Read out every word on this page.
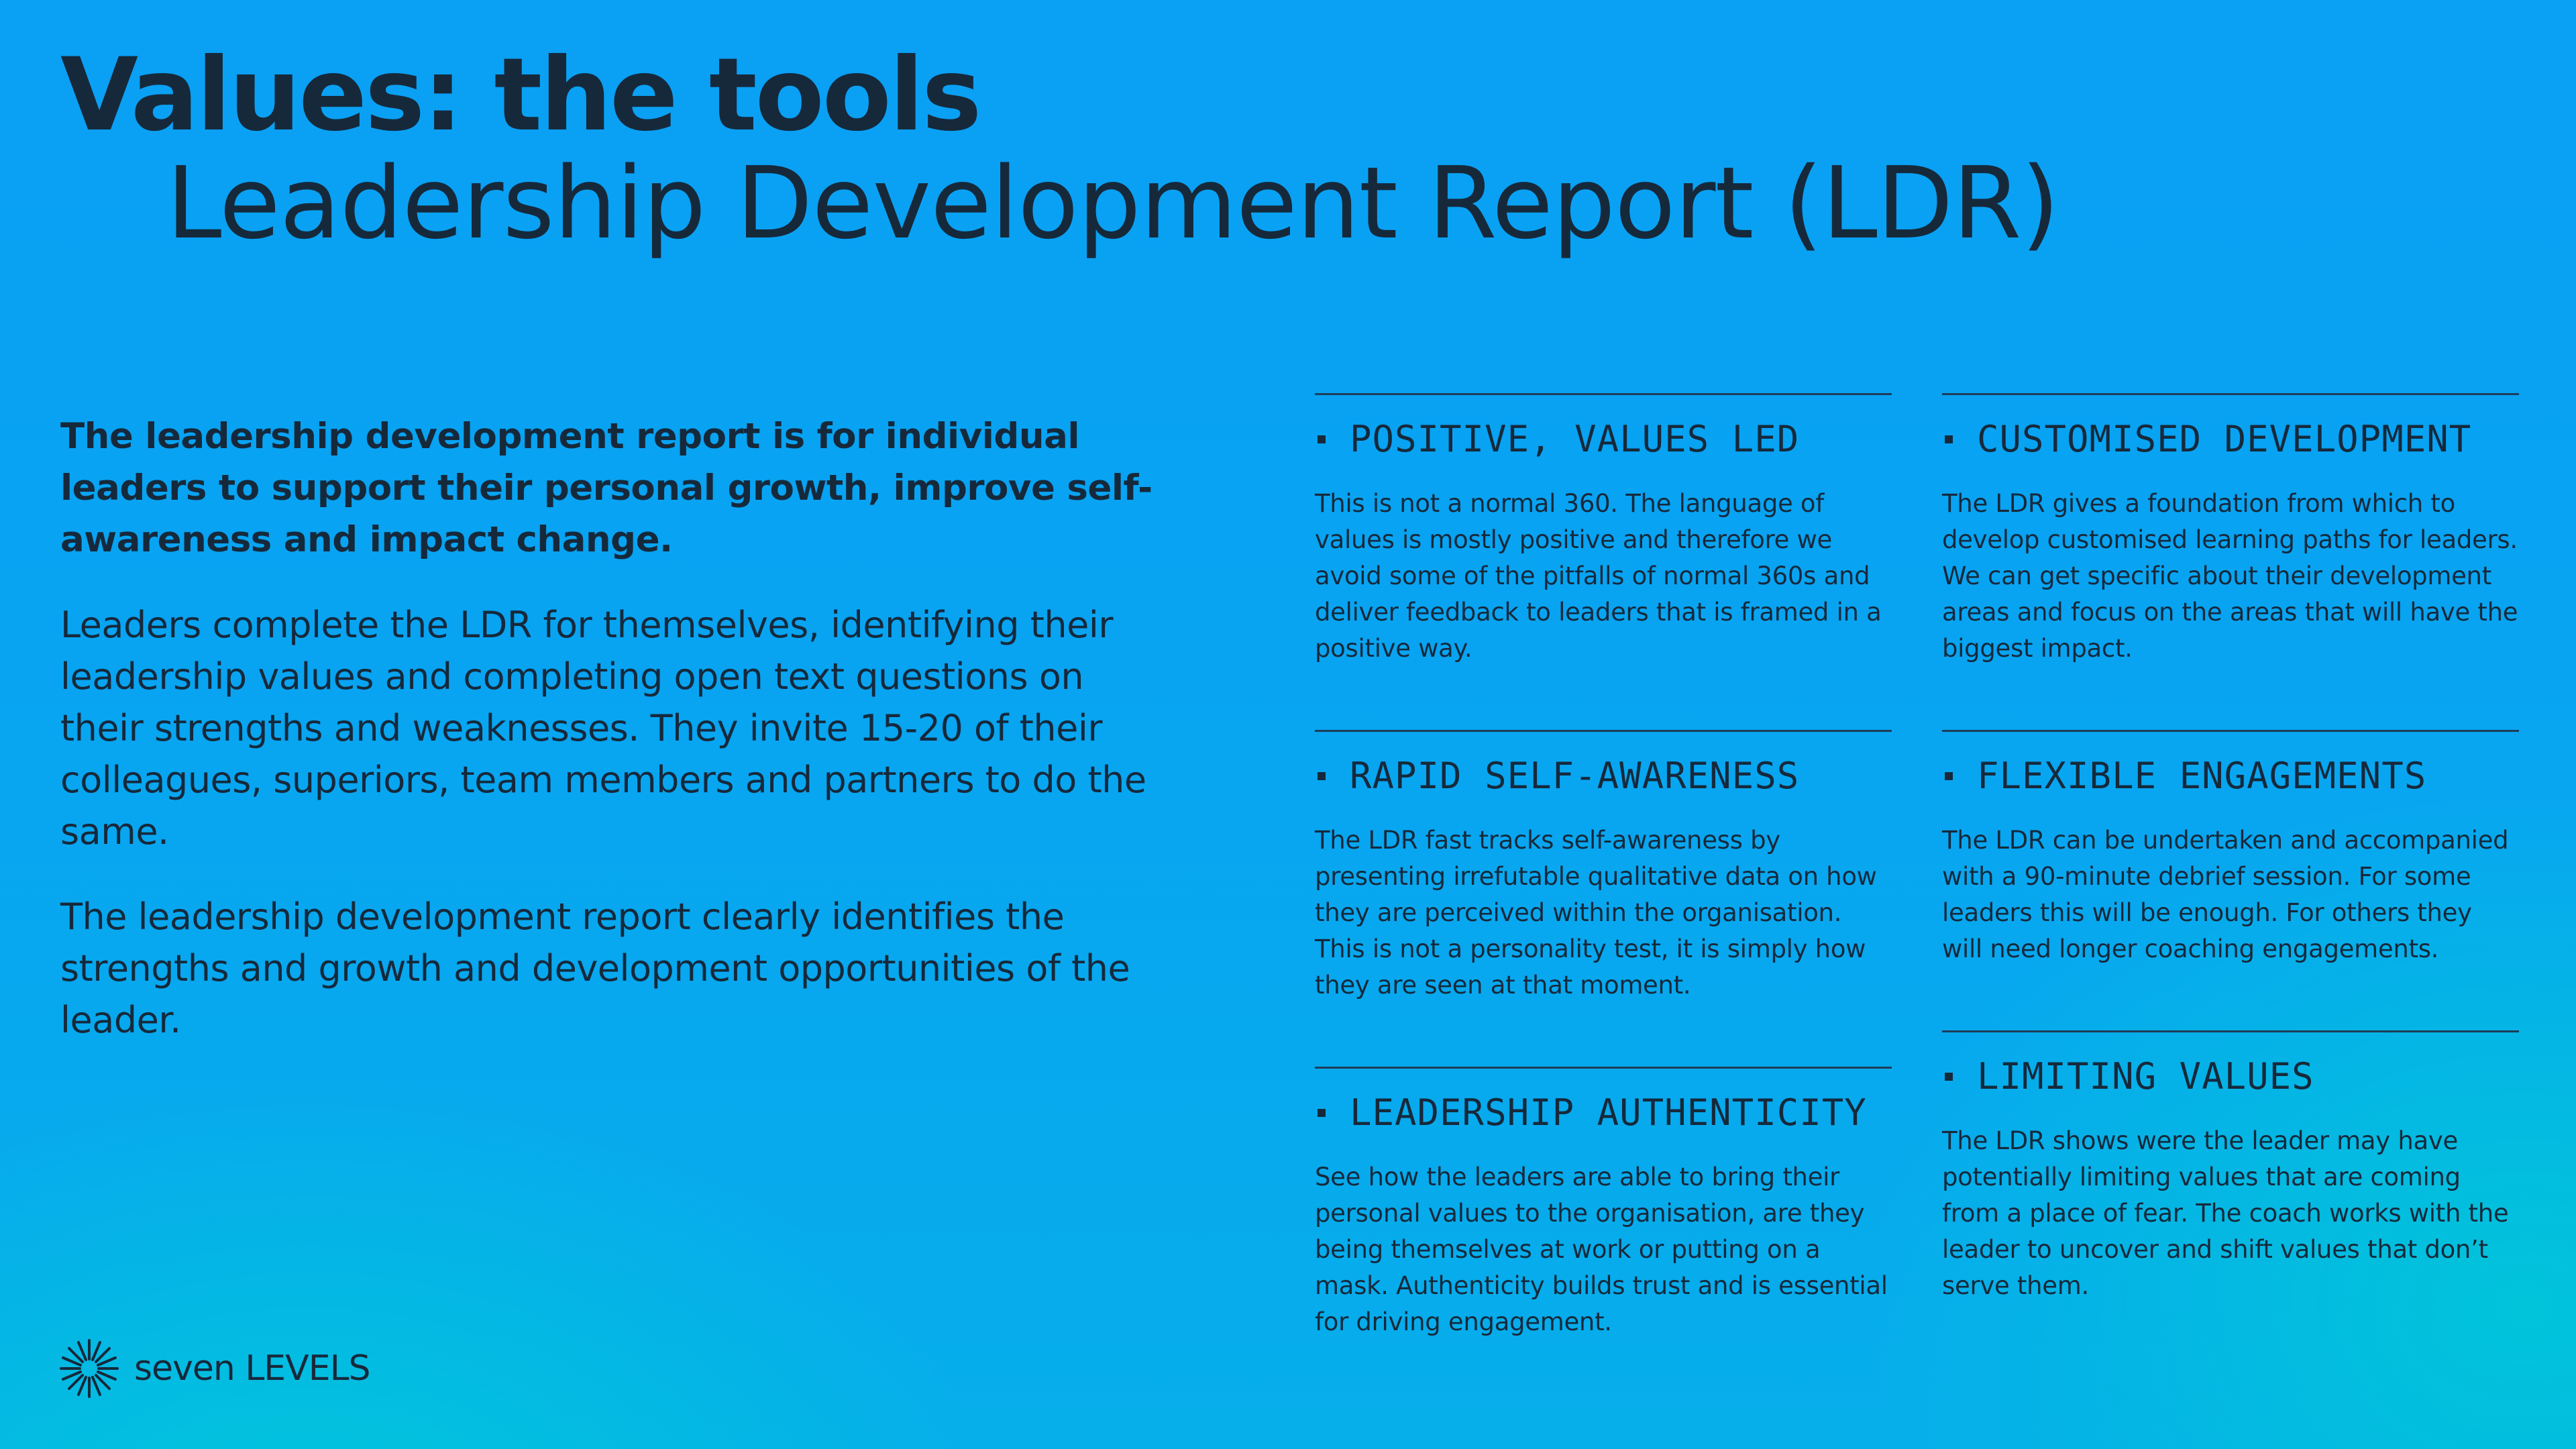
Values: the tools
Leadership Development Report (LDR)

The leadership development report is for individual leaders to support their personal growth, improve self-awareness and impact change.

Leaders complete the LDR for themselves, identifying their leadership values and completing open text questions on their strengths and weaknesses. They invite 15-20 of their colleagues, superiors, team members and partners to do the same.

The leadership development report clearly identifies the strengths and growth and development opportunities of the leader.

POSITIVE, VALUES LED

This is not a normal 360. The language of values is mostly positive and therefore we avoid some of the pitfalls of normal 360s and deliver feedback to leaders that is framed in a positive way.

RAPID SELF-AWARENESS

The LDR fast tracks self-awareness by presenting irrefutable qualitative data on how they are perceived within the organisation. This is not a personality test, it is simply how they are seen at that moment.

LEADERSHIP AUTHENTICITY

See how the leaders are able to bring their personal values to the organisation, are they being themselves at work or putting on a mask. Authenticity builds trust and is essential for driving engagement.

CUSTOMISED DEVELOPMENT

The LDR gives a foundation from which to develop customised learning paths for leaders. We can get specific about their development areas and focus on the areas that will have the biggest impact.

FLEXIBLE ENGAGEMENTS

The LDR can be undertaken and accompanied with a 90-minute debrief session. For some leaders this will be enough. For others they will need longer coaching engagements.

LIMITING VALUES

The LDR shows were the leader may have potentially limiting values that are coming from a place of fear. The coach works with the leader to uncover and shift values that don’t serve them.

seven LEVELS
